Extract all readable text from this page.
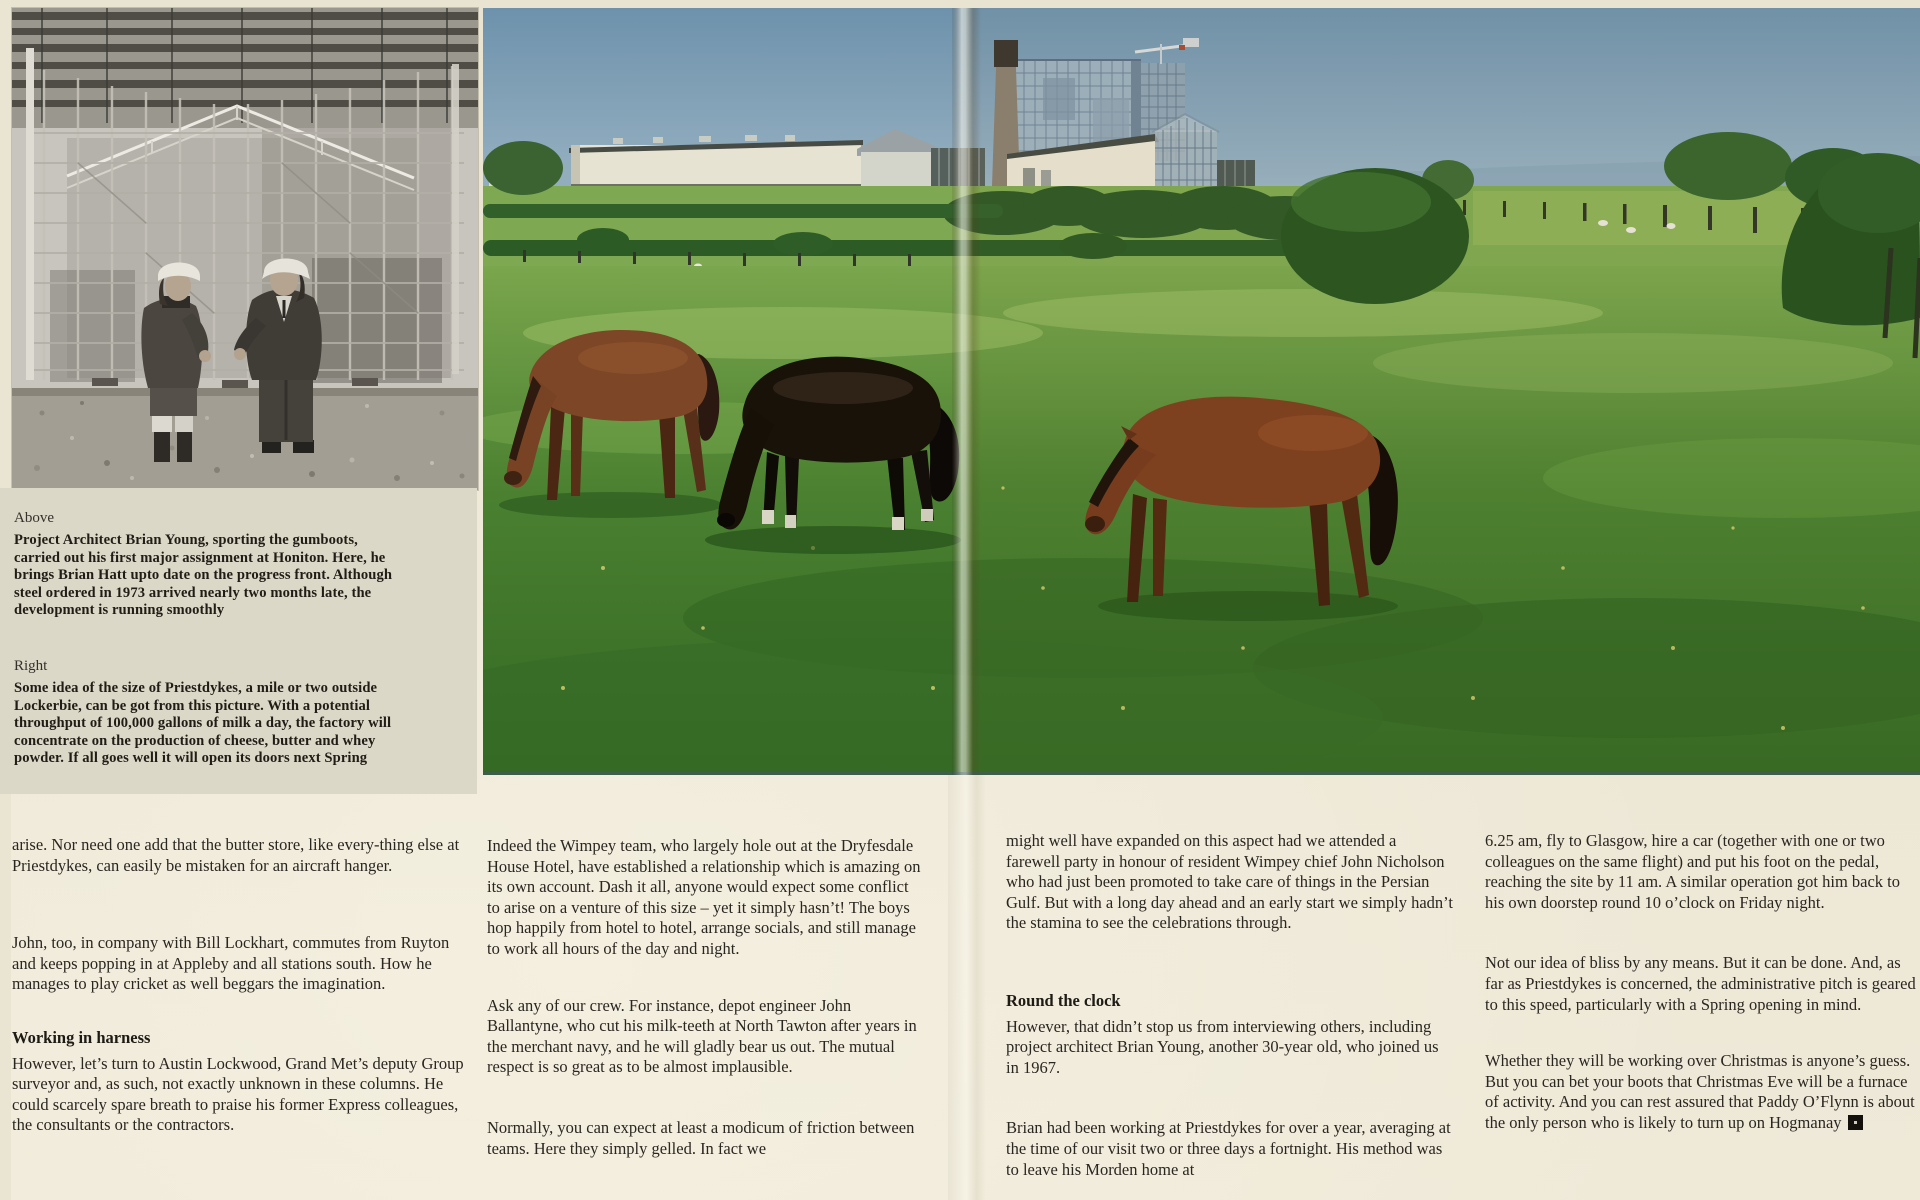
Above
Project Architect Brian Young, sporting the gumboots, carried out his first major assignment at Honiton. Here, he brings Brian Hatt upto date on the progress front. Although steel ordered in 1973 arrived nearly two months late, the development is running smoothly
Right
Some idea of the size of Priestdykes, a mile or two outside Lockerbie, can be got from this picture. With a potential throughput of 100,000 gallons of milk a day, the factory will concentrate on the production of cheese, butter and whey powder. If all goes well it will open its doors next Spring

arise. Nor need one add that the butter store, like every-thing else at Priestdykes, can easily be mistaken for an aircraft hanger.

John, too, in company with Bill Lockhart, commutes from Ruyton and keeps popping in at Appleby and all stations south. How he manages to play cricket as well beggars the imagination.

Working in harness

However, let’s turn to Austin Lockwood, Grand Met’s deputy Group surveyor and, as such, not exactly unknown in these columns. He could scarcely spare breath to praise his former Express colleagues, the consultants or the contractors.

Indeed the Wimpey team, who largely hole out at the Dryfesdale House Hotel, have established a relationship which is amazing on its own account. Dash it all, anyone would expect some conflict to arise on a venture of this size – yet it simply hasn’t! The boys hop happily from hotel to hotel, arrange socials, and still manage to work all hours of the day and night.

Ask any of our crew. For instance, depot engineer John Ballantyne, who cut his milk-teeth at North Tawton after years in the merchant navy, and he will gladly bear us out. The mutual respect is so great as to be almost implausible.

Normally, you can expect at least a modicum of friction between teams. Here they simply gelled. In fact we

might well have expanded on this aspect had we attended a farewell party in honour of resident Wimpey chief John Nicholson who had just been promoted to take care of things in the Persian Gulf. But with a long day ahead and an early start we simply hadn’t the stamina to see the celebrations through.

Round the clock

However, that didn’t stop us from interviewing others, including project architect Brian Young, another 30-year old, who joined us in 1967.

Brian had been working at Priestdykes for over a year, averaging at the time of our visit two or three days a fortnight. His method was to leave his Morden home at

6.25 am, fly to Glasgow, hire a car (together with one or two colleagues on the same flight) and put his foot on the pedal, reaching the site by 11 am. A similar operation got him back to his own doorstep round 10 o’clock on Friday night.

Not our idea of bliss by any means. But it can be done. And, as far as Priestdykes is concerned, the administrative pitch is geared to this speed, particularly with a Spring opening in mind.

Whether they will be working over Christmas is anyone’s guess. But you can bet your boots that Christmas Eve will be a furnace of activity. And you can rest assured that Paddy O’Flynn is about the only person who is likely to turn up on Hogmanay
